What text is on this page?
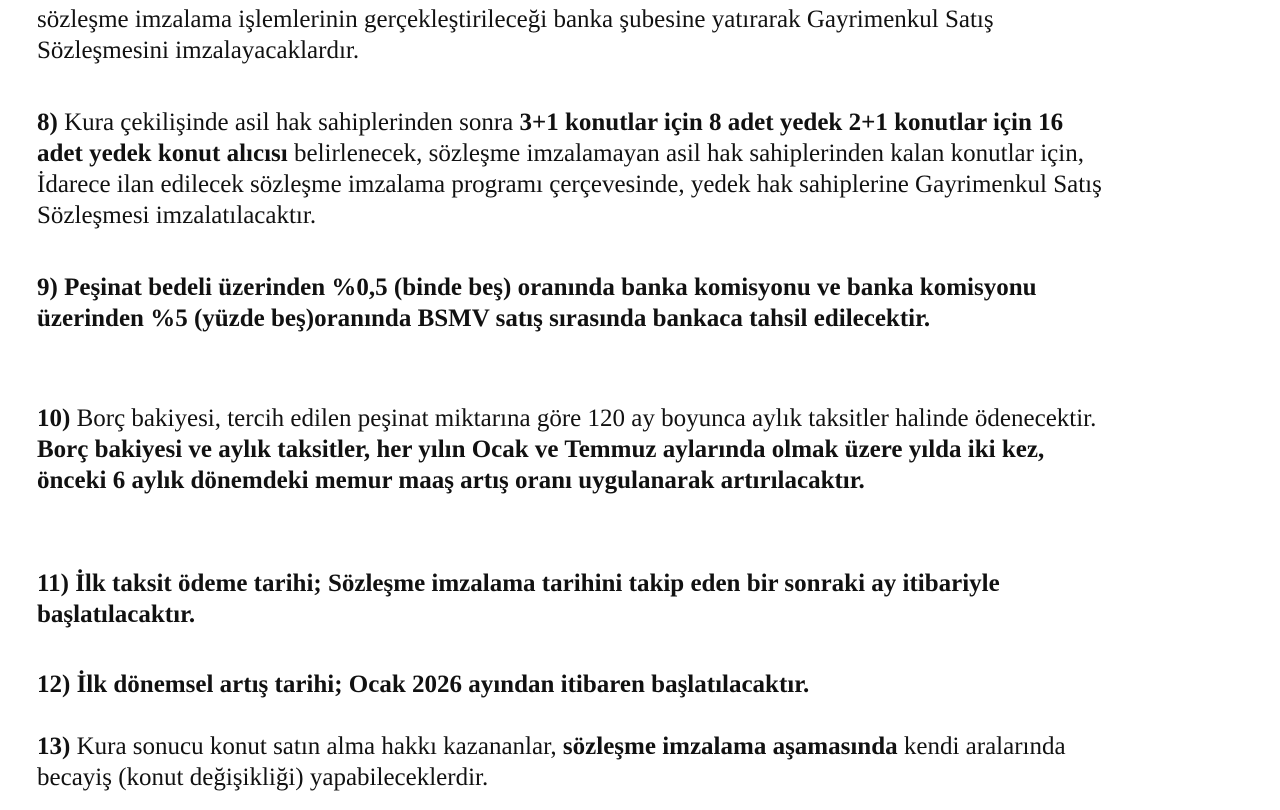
sözleşme imzalama işlemlerinin gerçekleştirileceği banka şubesine yatırarak Gayrimenkul Satış
Sözleşmesini imzalayacaklardır.
8) Kura çekilişinde asil hak sahiplerinden sonra 3+1 konutlar için 8 adet yedek 2+1 konutlar için 16
adet yedek konut alıcısı belirlenecek, sözleşme imzalamayan asil hak sahiplerinden kalan konutlar için,
İdarece ilan edilecek sözleşme imzalama programı çerçevesinde, yedek hak sahiplerine Gayrimenkul Satış
Sözleşmesi imzalatılacaktır.
9) Peşinat bedeli üzerinden %0,5 (binde beş) oranında banka komisyonu ve banka komisyonu
üzerinden %5 (yüzde beş)oranında BSMV satış sırasında bankaca tahsil edilecektir.
10) Borç bakiyesi, tercih edilen peşinat miktarına göre 120 ay boyunca aylık taksitler halinde ödenecektir.
Borç bakiyesi ve aylık taksitler, her yılın Ocak ve Temmuz aylarında olmak üzere yılda iki kez,
önceki 6 aylık dönemdeki memur maaş artış oranı uygulanarak artırılacaktır.
11) İlk taksit ödeme tarihi; Sözleşme imzalama tarihini takip eden bir sonraki ay itibariyle
başlatılacaktır.
12) İlk dönemsel artış tarihi; Ocak 2026 ayından itibaren başlatılacaktır.
13) Kura sonucu konut satın alma hakkı kazananlar, sözleşme imzalama aşamasında kendi aralarında
becayiş (konut değişikliği) yapabileceklerdir.
